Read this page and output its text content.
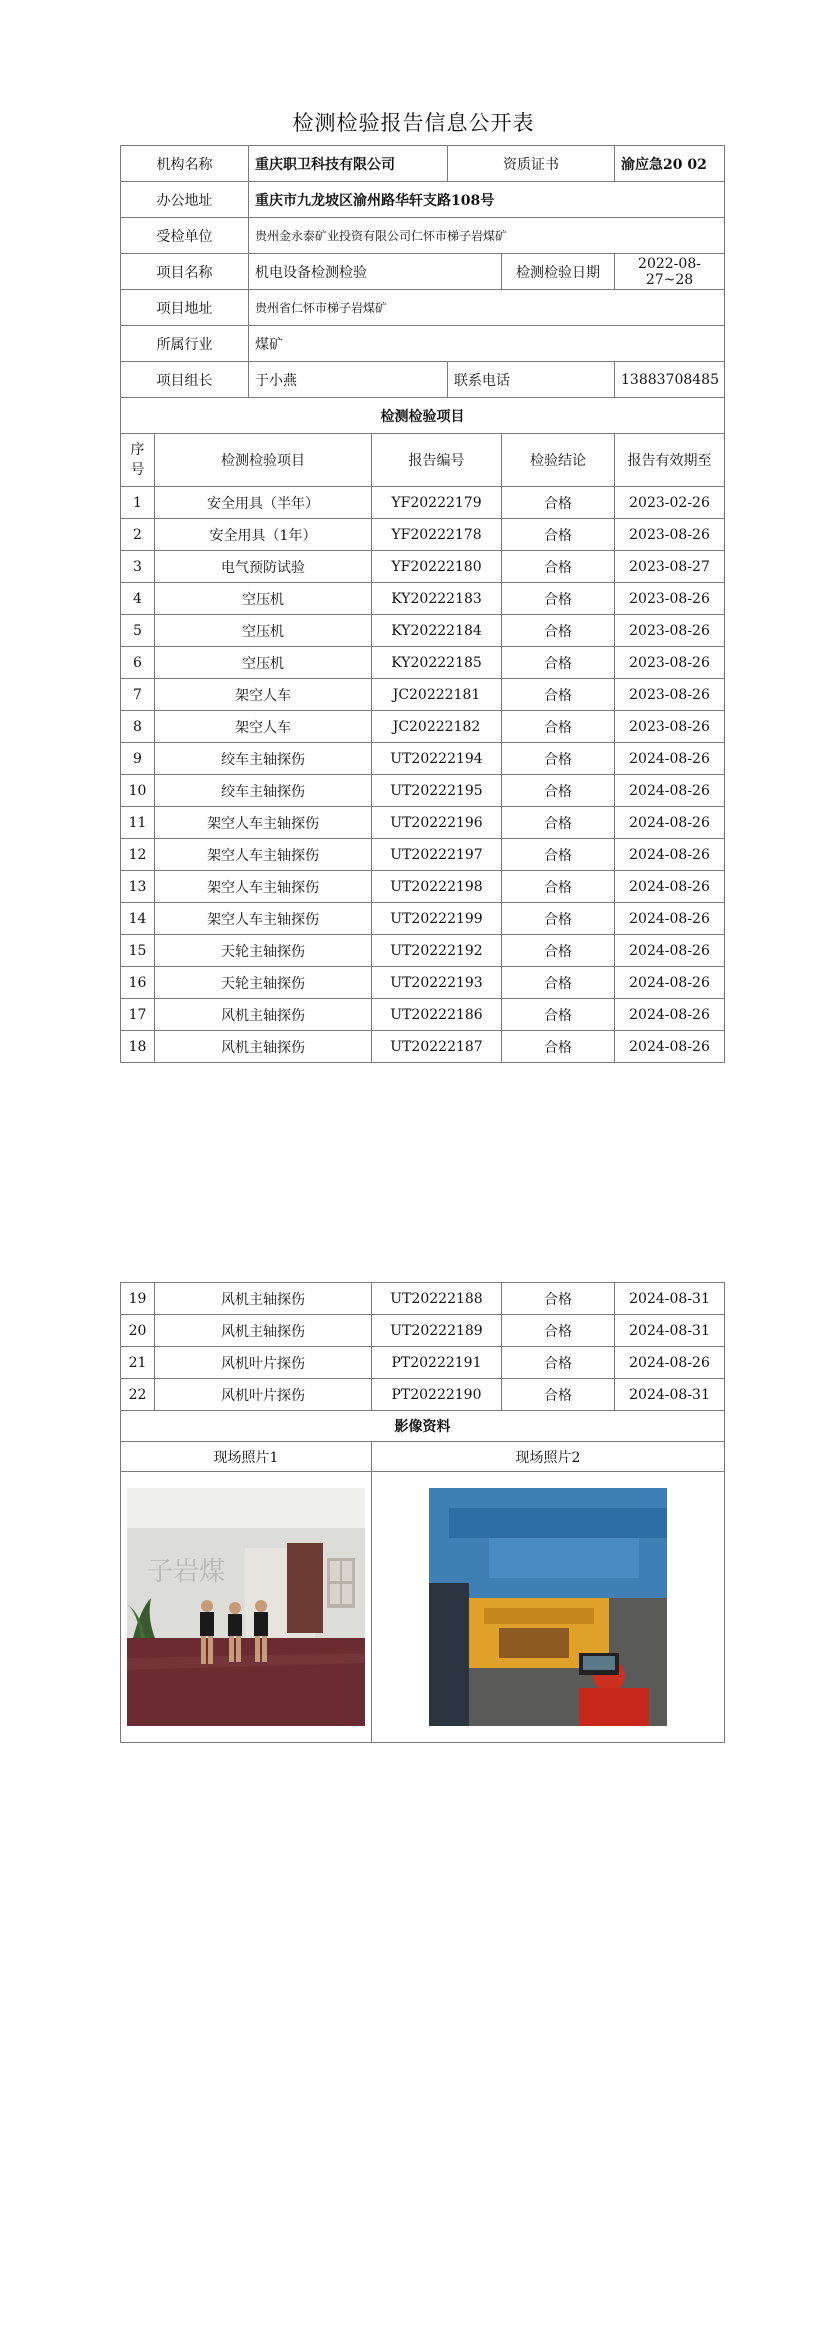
检测检验报告信息公开表
机构名称		重庆职卫科技有限公司		资质证书		渝应急20 02
办公地址		重庆市九龙坡区渝州路华轩支路108号				
受检单位		贵州金永泰矿业投资有限公司仁怀市梯子岩煤矿				
项目名称		机电设备检测检验			检测检验日期	2022-08-27~28
项目地址		贵州省仁怀市梯子岩煤矿				
所属行业		煤矿				
项目组长		于小燕		联系电话		13883708485
检测检验项目						
序号	检测检验项目		报告编号		检验结论	报告有效期至
1	安全用具（半年）		YF20222179		合格	2023-02-26
2	安全用具（1年）		YF20222178		合格	2023-08-26
3	电气预防试验		YF20222180		合格	2023-08-27
4	空压机		KY20222183		合格	2023-08-26
5	空压机		KY20222184		合格	2023-08-26
6	空压机		KY20222185		合格	2023-08-26
7	架空人车		JC20222181		合格	2023-08-26
8	架空人车		JC20222182		合格	2023-08-26
9	绞车主轴探伤		UT20222194		合格	2024-08-26
10	绞车主轴探伤		UT20222195		合格	2024-08-26
11	架空人车主轴探伤		UT20222196		合格	2024-08-26
12	架空人车主轴探伤		UT20222197		合格	2024-08-26
13	架空人车主轴探伤		UT20222198		合格	2024-08-26
14	架空人车主轴探伤		UT20222199		合格	2024-08-26
15	天轮主轴探伤		UT20222192		合格	2024-08-26
16	天轮主轴探伤		UT20222193		合格	2024-08-26
17	风机主轴探伤		UT20222186		合格	2024-08-26
18	风机主轴探伤		UT20222187		合格	2024-08-26
19	风机主轴探伤	UT20222188	合格	2024-08-31
20	风机主轴探伤	UT20222189	合格	2024-08-31
21	风机叶片探伤	PT20222191	合格	2024-08-26
22	风机叶片探伤	PT20222190	合格	2024-08-31
影像资料				
现场照片1		现场照片2		

子岩煤
